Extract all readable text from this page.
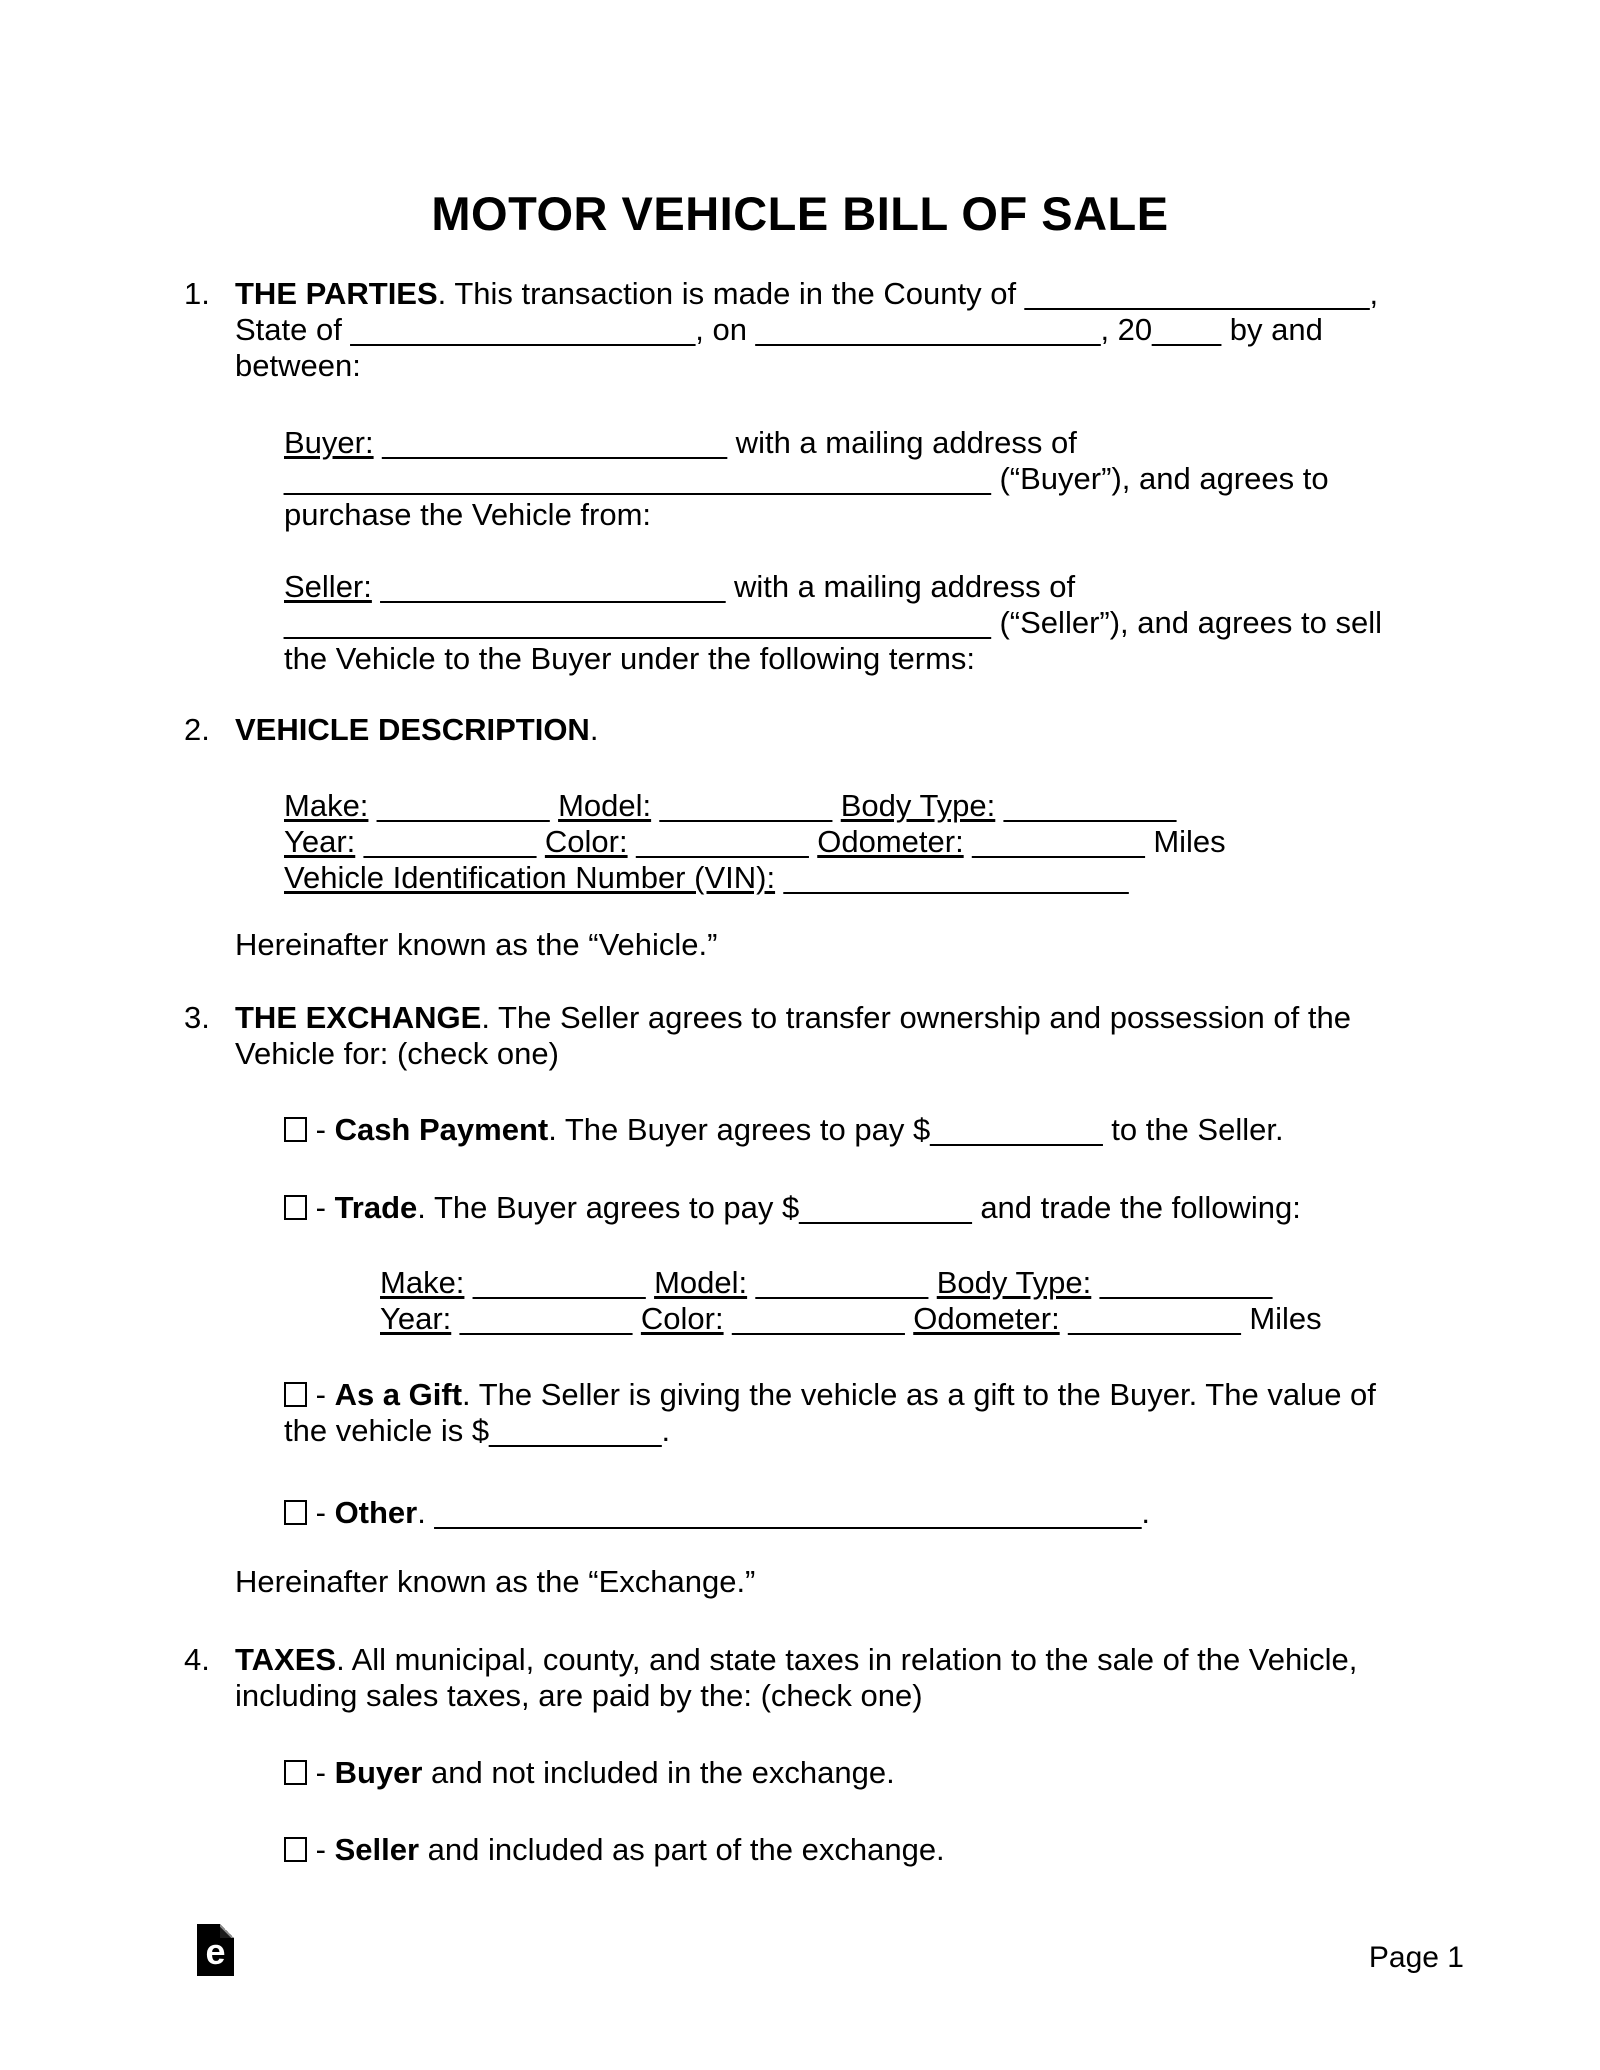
MOTOR VEHICLE BILL OF SALE
1. THE PARTIES. This transaction is made in the County of ____________________,
State of ____________________, on ____________________, 20____ by and
between:
Buyer: ____________________ with a mailing address of
_________________________________________ (“Buyer”), and agrees to
purchase the Vehicle from:
Seller: ____________________ with a mailing address of
_________________________________________ (“Seller”), and agrees to sell
the Vehicle to the Buyer under the following terms:
2. VEHICLE DESCRIPTION.
Make: __________ Model: __________ Body Type: __________
Year: __________ Color: __________ Odometer: __________ Miles
Vehicle Identification Number (VIN): ____________________
Hereinafter known as the “Vehicle.”
3. THE EXCHANGE. The Seller agrees to transfer ownership and possession of the
Vehicle for: (check one)
- Cash Payment. The Buyer agrees to pay $__________ to the Seller.
- Trade. The Buyer agrees to pay $__________ and trade the following:
Make: __________ Model: __________ Body Type: __________
Year: __________ Color: __________ Odometer: __________ Miles
- As a Gift. The Seller is giving the vehicle as a gift to the Buyer. The value of
the vehicle is $__________.
- Other. _________________________________________.
Hereinafter known as the “Exchange.”
4. TAXES. All municipal, county, and state taxes in relation to the sale of the Vehicle,
including sales taxes, are paid by the: (check one)
- Buyer and not included in the exchange.
- Seller and included as part of the exchange.
e	Page 1
